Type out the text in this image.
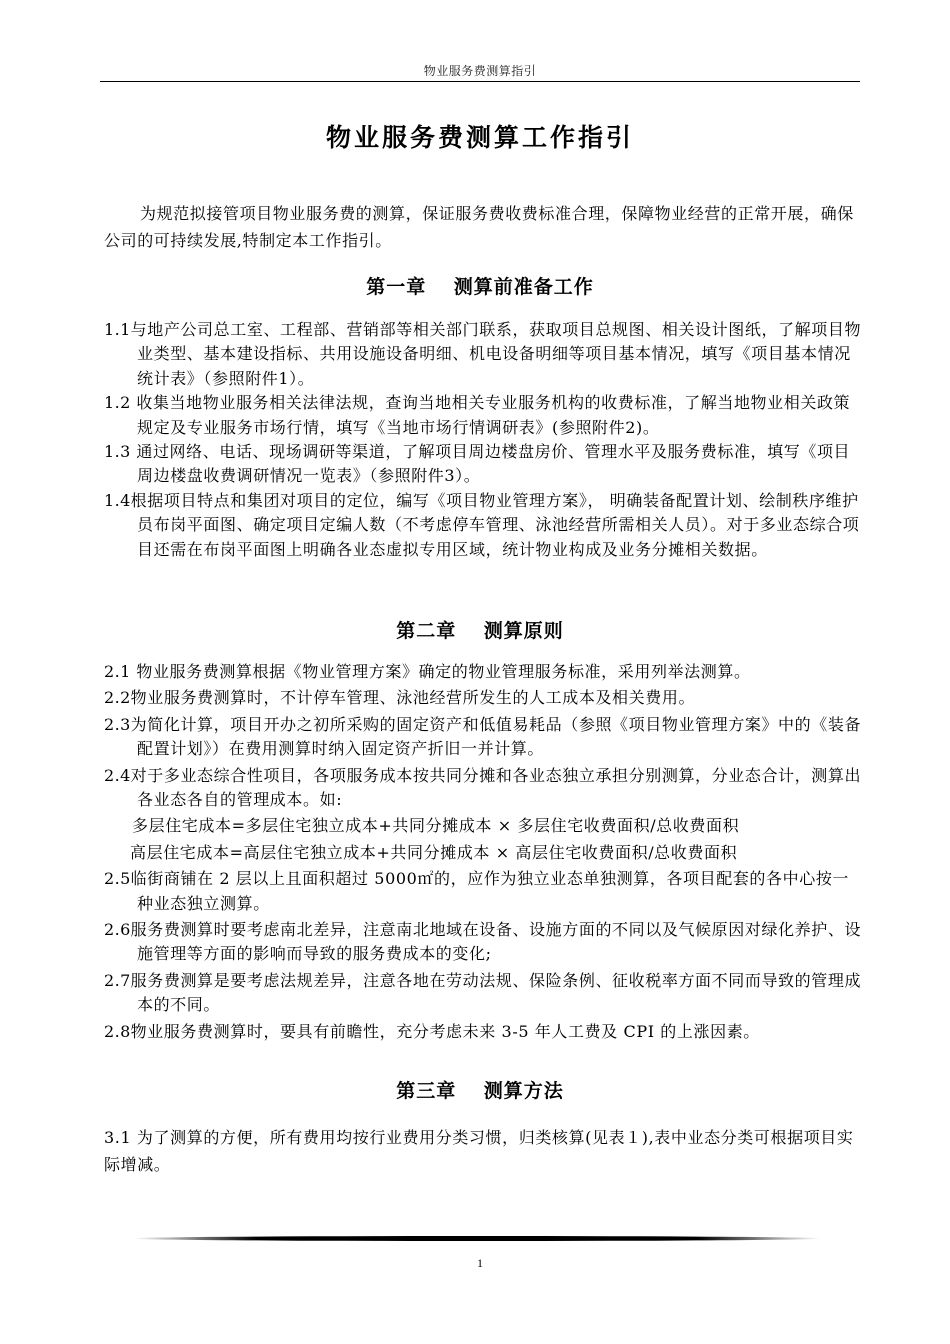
物业服务费测算指引
物业服务费测算工作指引
为规范拟接管项目物业服务费的测算，保证服务费收费标准合理，保障物业经营的正常开展，确保公司的可持续发展,特制定本工作指引。
第一章　 测算前准备工作
1.1与地产公司总工室、工程部、营销部等相关部门联系，获取项目总规图、相关设计图纸，了解项目物业类型、基本建设指标、共用设施设备明细、机电设备明细等项目基本情况，填写《项目基本情况统计表》（参照附件1）。
1.2 收集当地物业服务相关法律法规，查询当地相关专业服务机构的收费标准，了解当地物业相关政策规定及专业服务市场行情，填写《当地市场行情调研表》(参照附件2)。
1.3 通过网络、电话、现场调研等渠道，了解项目周边楼盘房价、管理水平及服务费标准，填写《项目周边楼盘收费调研情况一览表》（参照附件3）。
1.4根据项目特点和集团对项目的定位，编写《项目物业管理方案》， 明确装备配置计划、绘制秩序维护员布岗平面图、确定项目定编人数（不考虑停车管理、泳池经营所需相关人员）。对于多业态综合项目还需在布岗平面图上明确各业态虚拟专用区域，统计物业构成及业务分摊相关数据。
第二章　 测算原则
2.1 物业服务费测算根据《物业管理方案》确定的物业管理服务标准，采用列举法测算。
2.2物业服务费测算时，不计停车管理、泳池经营所发生的人工成本及相关费用。
2.3为简化计算，项目开办之初所采购的固定资产和低值易耗品（参照《项目物业管理方案》中的《装备配置计划》）在费用测算时纳入固定资产折旧一并计算。
2.4对于多业态综合性项目，各项服务成本按共同分摊和各业态独立承担分别测算，分业态合计，测算出各业态各自的管理成本。如:
多层住宅成本=多层住宅独立成本+共同分摊成本 × 多层住宅收费面积/总收费面积
高层住宅成本=高层住宅独立成本+共同分摊成本 × 高层住宅收费面积/总收费面积
2.5临街商铺在 2 层以上且面积超过 5000㎡的，应作为独立业态单独测算，各项目配套的各中心按一种业态独立测算。
2.6服务费测算时要考虑南北差异，注意南北地域在设备、设施方面的不同以及气候原因对绿化养护、设施管理等方面的影响而导致的服务费成本的变化;
2.7服务费测算是要考虑法规差异，注意各地在劳动法规、保险条例、征收税率方面不同而导致的管理成本的不同。
2.8物业服务费测算时，要具有前瞻性，充分考虑未来 3-5 年人工费及 CPI 的上涨因素。
第三章　 测算方法
3.1 为了测算的方便，所有费用均按行业费用分类习惯，归类核算(见表１),表中业态分类可根据项目实际增减。
1
